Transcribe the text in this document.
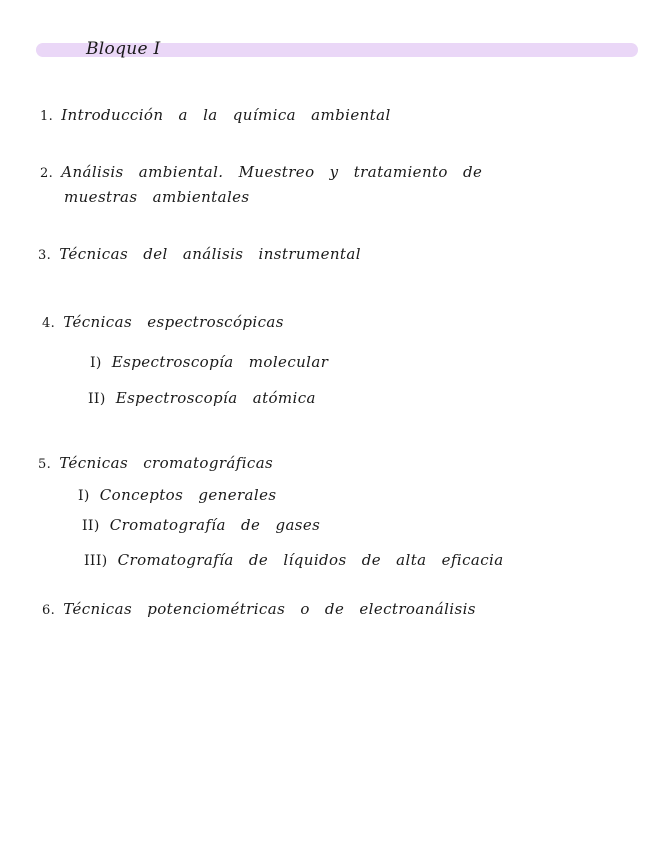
Bloque I
1. Introducción a la química ambiental
2. Análisis ambiental. Muestreo y tratamiento de
muestras ambientales
3. Técnicas del análisis instrumental
4. Técnicas espectroscópicas
I) Espectroscopía molecular
II) Espectroscopía atómica
5. Técnicas cromatográficas
I) Conceptos generales
II) Cromatografía de gases
III) Cromatografía de líquidos de alta eficacia
6. Técnicas potenciométricas o de electroanálisis
